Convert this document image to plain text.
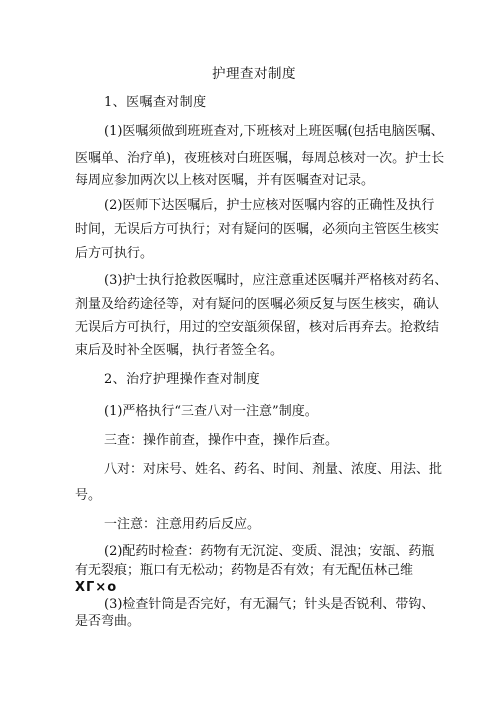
护理查对制度
1、医嘱查对制度
(1)医嘱须做到班班查对,下班核对上班医嘱(包括电脑医嘱、
医嘱单、治疗单)，夜班核对白班医嘱，每周总核对一次。护士长
每周应参加两次以上核对医嘱，并有医嘱查对记录。
(2)医师下达医嘱后，护士应核对医嘱内容的正确性及执行
时间，无误后方可执行；对有疑问的医嘱，必须向主管医生核实
后方可执行。
(3)护士执行抢救医嘱时，应注意重述医嘱并严格核对药名、
剂量及给药途径等，对有疑问的医嘱必须反复与医生核实，确认
无误后方可执行，用过的空安瓿须保留，核对后再弃去。抢救结
束后及时补全医嘱，执行者签全名。
2、治疗护理操作查对制度
(1)严格执行“三查八对一注意”制度。
三查：操作前查，操作中查，操作后查。
八对：对床号、姓名、药名、时间、剂量、浓度、用法、批
号。
一注意：注意用药后反应。
(2)配药时检查：药物有无沉淀、变质、混浊；安瓿、药瓶
有无裂痕；瓶口有无松动；药物是否有效；有无配伍林己维
ΧΓ×o
(3)检查针筒是否完好，有无漏气；针头是否锐利、带钩、
是否弯曲。
